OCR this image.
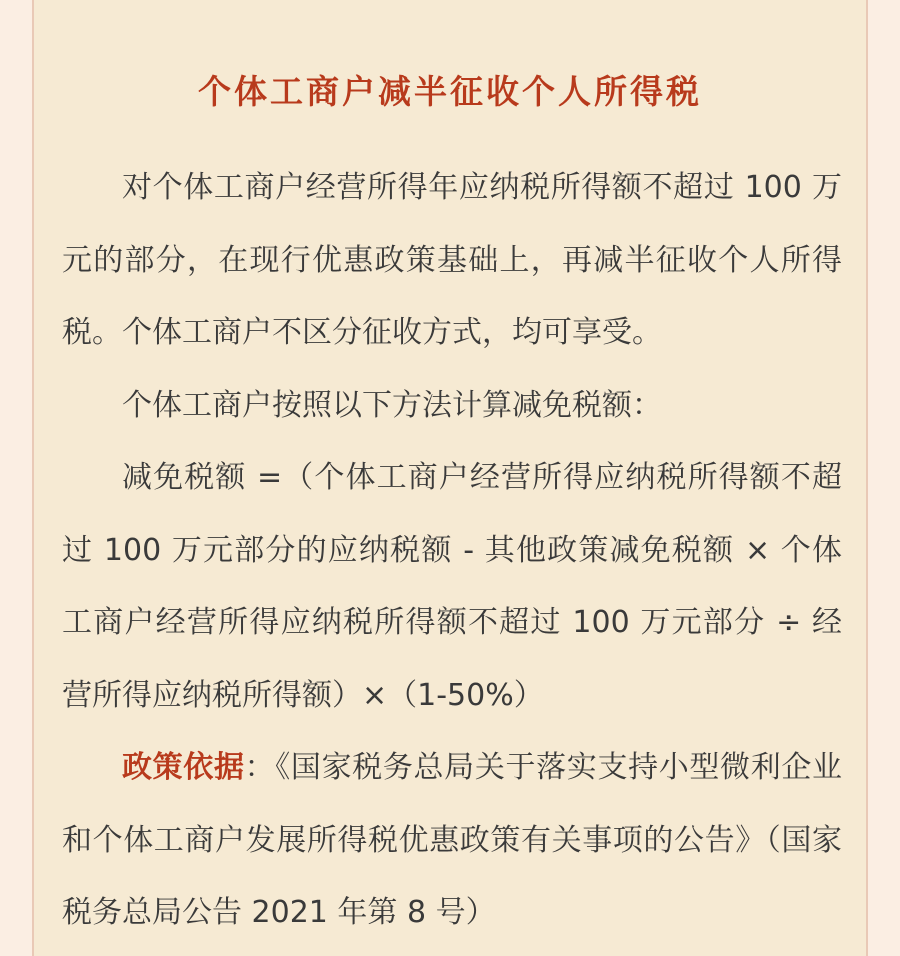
个体工商户减半征收个人所得税

对个体工商户经营所得年应纳税所得额不超过 100 万元的部分，在现行优惠政策基础上，再减半征收个人所得税。个体工商户不区分征收方式，均可享受。

个体工商户按照以下方法计算减免税额：

减免税额 =（个体工商户经营所得应纳税所得额不超过 100 万元部分的应纳税额 - 其他政策减免税额 × 个体工商户经营所得应纳税所得额不超过 100 万元部分 ÷ 经营所得应纳税所得额）×（1-50%）

政策依据：《国家税务总局关于落实支持小型微利企业和个体工商户发展所得税优惠政策有关事项的公告》（国家税务总局公告 2021 年第 8 号）
